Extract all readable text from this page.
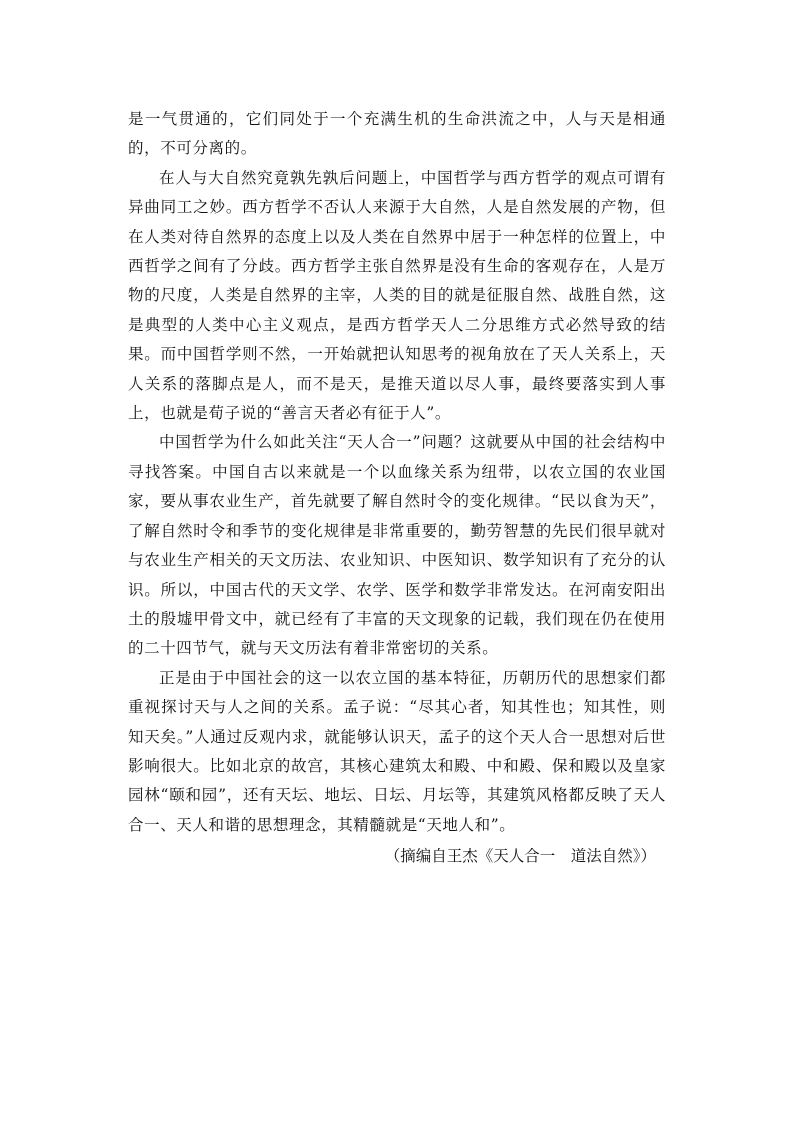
是一气贯通的，它们同处于一个充满生机的生命洪流之中，人与天是相通的，不可分离的。

在人与大自然究竟孰先孰后问题上，中国哲学与西方哲学的观点可谓有异曲同工之妙。西方哲学不否认人来源于大自然，人是自然发展的产物，但在人类对待自然界的态度上以及人类在自然界中居于一种怎样的位置上，中西哲学之间有了分歧。西方哲学主张自然界是没有生命的客观存在，人是万物的尺度，人类是自然界的主宰，人类的目的就是征服自然、战胜自然，这是典型的人类中心主义观点，是西方哲学天人二分思维方式必然导致的结果。而中国哲学则不然，一开始就把认知思考的视角放在了天人关系上，天人关系的落脚点是人，而不是天，是推天道以尽人事，最终要落实到人事上，也就是荀子说的“善言天者必有征于人”。

中国哲学为什么如此关注“天人合一”问题？这就要从中国的社会结构中寻找答案。中国自古以来就是一个以血缘关系为纽带，以农立国的农业国家，要从事农业生产，首先就要了解自然时令的变化规律。“民以食为天”，了解自然时令和季节的变化规律是非常重要的，勤劳智慧的先民们很早就对与农业生产相关的天文历法、农业知识、中医知识、数学知识有了充分的认识。所以，中国古代的天文学、农学、医学和数学非常发达。在河南安阳出土的殷墟甲骨文中，就已经有了丰富的天文现象的记载，我们现在仍在使用的二十四节气，就与天文历法有着非常密切的关系。

正是由于中国社会的这一以农立国的基本特征，历朝历代的思想家们都重视探讨天与人之间的关系。孟子说：“尽其心者，知其性也；知其性，则知天矣。”人通过反观内求，就能够认识天，孟子的这个天人合一思想对后世影响很大。比如北京的故宫，其核心建筑太和殿、中和殿、保和殿以及皇家园林“颐和园”，还有天坛、地坛、日坛、月坛等，其建筑风格都反映了天人合一、天人和谐的思想理念，其精髓就是“天地人和”。

（摘编自王杰《天人合一　道法自然》）
